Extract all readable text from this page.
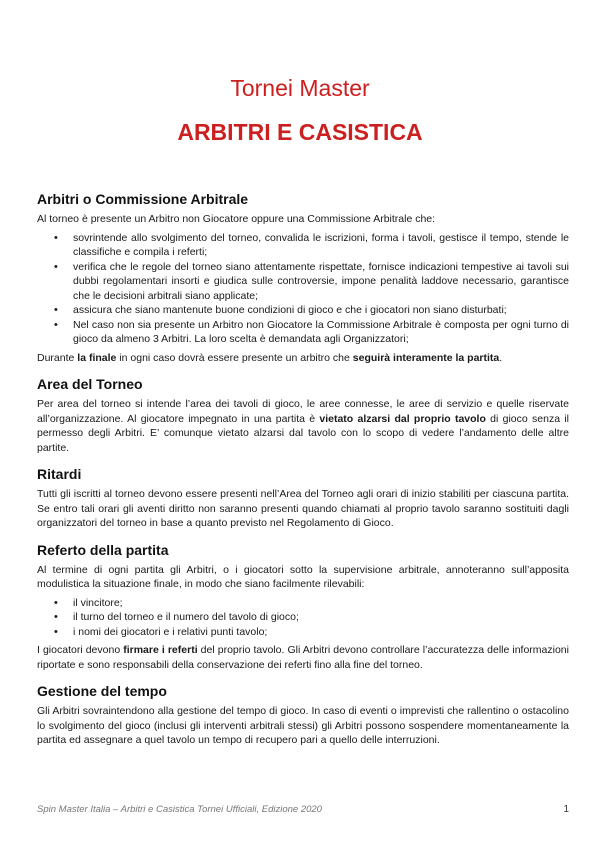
Tornei Master
ARBITRI E CASISTICA
Arbitri o Commissione Arbitrale

Al torneo è presente un Arbitro non Giocatore oppure una Commissione Arbitrale che:

• sovrintende allo svolgimento del torneo, convalida le iscrizioni, forma i tavoli, gestisce il tempo, stende le classifiche e compila i referti;
• verifica che le regole del torneo siano attentamente rispettate, fornisce indicazioni tempestive ai tavoli sui dubbi regolamentari insorti e giudica sulle controversie, impone penalità laddove necessario, garantisce che le decisioni arbitrali siano applicate;
• assicura che siano mantenute buone condizioni di gioco e che i giocatori non siano disturbati;
• Nel caso non sia presente un Arbitro non Giocatore la Commissione Arbitrale è composta per ogni turno di gioco da almeno 3 Arbitri. La loro scelta è demandata agli Organizzatori;

Durante la finale in ogni caso dovrà essere presente un arbitro che seguirà interamente la partita.

Area del Torneo

Per area del torneo si intende l’area dei tavoli di gioco, le aree connesse, le aree di servizio e quelle riservate all’organizzazione. Al giocatore impegnato in una partita è vietato alzarsi dal proprio tavolo di gioco senza il permesso degli Arbitri. E’ comunque vietato alzarsi dal tavolo con lo scopo di vedere l’andamento delle altre partite.

Ritardi

Tutti gli iscritti al torneo devono essere presenti nell’Area del Torneo agli orari di inizio stabiliti per ciascuna partita. Se entro tali orari gli aventi diritto non saranno presenti quando chiamati al proprio tavolo saranno sostituiti dagli organizzatori del torneo in base a quanto previsto nel Regolamento di Gioco.

Referto della partita

Al termine di ogni partita gli Arbitri, o i giocatori sotto la supervisione arbitrale, annoteranno sull’apposita modulistica la situazione finale, in modo che siano facilmente rilevabili:

• il vincitore;
• il turno del torneo e il numero del tavolo di gioco;
• i nomi dei giocatori e i relativi punti tavolo;

I giocatori devono firmare i referti del proprio tavolo. Gli Arbitri devono controllare l’accuratezza delle informazioni riportate e sono responsabili della conservazione dei referti fino alla fine del torneo.

Gestione del tempo

Gli Arbitri sovraintendono alla gestione del tempo di gioco. In caso di eventi o imprevisti che rallentino o ostacolino lo svolgimento del gioco (inclusi gli interventi arbitrali stessi) gli Arbitri possono sospendere momentaneamente la partita ed assegnare a quel tavolo un tempo di recupero pari a quello delle interruzioni.

Spin Master Italia – Arbitri e Casistica Tornei Ufficiali, Edizione 2020	1
